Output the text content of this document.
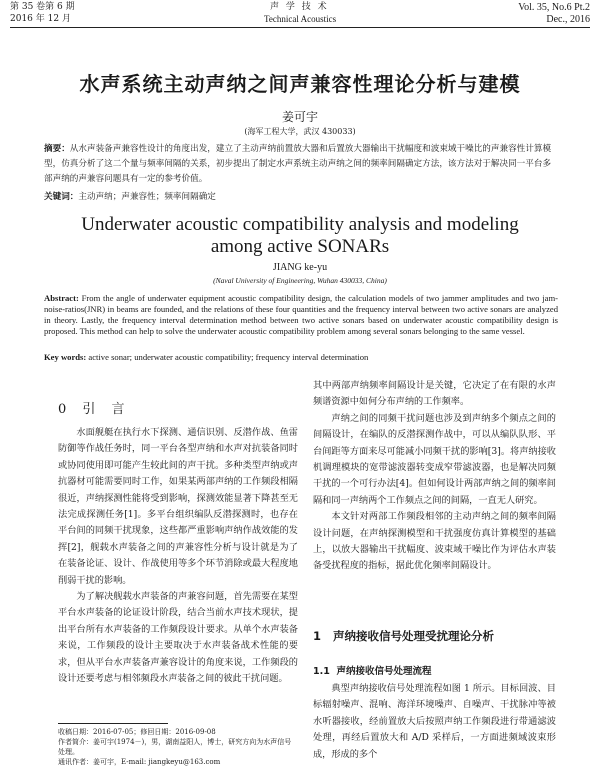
第 35 卷第 6 期
2016 年 12 月
声 学 技 术
Technical Acoustics
Vol. 35, No.6 Pt.2
Dec., 2016
水声系统主动声纳之间声兼容性理论分析与建模
姜可宇
(海军工程大学，武汉 430033)
摘要：从水声装备声兼容性设计的角度出发，建立了主动声纳前置放大器和后置放大器输出干扰幅度和波束域干噪比的声兼容性计算模型，仿真分析了这二个量与频率间隔的关系，初步提出了制定水声系统主动声纳之间的频率间隔确定方法，该方法对于解决同一平台多部声纳的声兼容问题具有一定的参考价值。
关键词：主动声纳；声兼容性；频率间隔确定
Underwater acoustic compatibility analysis and modeling among active SONARs
JIANG ke-yu
(Naval University of Engineering, Wuhan 430033, China)
Abstract: From the angle of underwater equipment acoustic compatibility design, the calculation models of two jammer amplitudes and two jam-noise-ratios(JNR) in beams are founded, and the relations of these four quantities and the frequency interval between two active sonars are analyzed in theory. Lastly, the frequency interval determination method between two active sonars based on underwater acoustic compatibility design is proposed. This method can help to solve the underwater acoustic compatibility problem among several sonars belonging to the same vessel.
Key words: active sonar; underwater acoustic compatibility; frequency interval determination
0 引 言

水面舰艇在执行水下探测、通信识别、反潜作战、鱼雷防御等作战任务时，同一平台各型声纳和水声对抗装备同时或协同使用即可能产生较此间的声干扰。多种类型声纳或声抗器材可能需要同时工作，如果某两部声纳的工作频段相隔很近，声纳探测性能将受到影响，探测效能显著下降甚至无法完成探测任务[1]。多平台组织编队反潜探测时，也存在平台间的同频干扰现象，这些都严重影响声纳作战效能的发挥[2]，舰载水声装备之间的声兼容性分析与设计就是为了在装备论证、设计、作战使用等多个环节消除或最大程度地削弱干扰的影响。

为了解决舰载水声装备的声兼容问题，首先需要在某型平台水声装备的论证设计阶段，结合当前水声技术现状，提出平台所有水声装备的工作频段设计要求。从单个水声装备来说，工作频段的设计主要取决于水声装备战术性能的要求，但从平台水声装备声兼容设计的角度来说，工作频段的设计还要考虑与相邻频段水声装备之间的彼此干扰问题。

其中两部声纳频率间隔设计是关键，它决定了在有限的水声频谱资源中如何分布声纳的工作频率。

声纳之间的同频干扰问题也涉及到声纳多个频点之间的间隔设计，在编队的反潜探测作战中，可以从编队队形、平台间距等方面来尽可能减小同频干扰的影响[3]。将声纳接收机调理模块的宽带滤波器转变成窄带滤波器，也是解决同频干扰的一个可行办法[4]。但如何设计两部声纳之间的频率间隔和同一声纳两个工作频点之间的间隔，一直无人研究。

本文针对两部工作频段相邻的主动声纳之间的频率间隔设计问题，在声纳探测模型和干扰强度仿真计算模型的基础上，以放大器输出干扰幅度、波束域干噪比作为评估水声装备受扰程度的指标，据此优化频率间隔设计。

1 声纳接收信号处理受扰理论分析
1.1 声纳接收信号处理流程

典型声纳接收信号处理流程如图 1 所示。目标回波、目标辐射噪声、混响、海洋环境噪声、自噪声、干扰脉冲等被水听器接收，经前置放大后按照声纳工作频段进行带通滤波处理，再经后置放大和 A/D 采样后，一方面进频域波束形成，形成的多个

收稿日期：2016-07-05；修回日期：2016-09-08

作者简介：姜可宇(1974－)，男，湖南益阳人，博士，研究方向为水声信号处理。

通讯作者：姜可宇，E-mail: jiangkeyu@163.com
